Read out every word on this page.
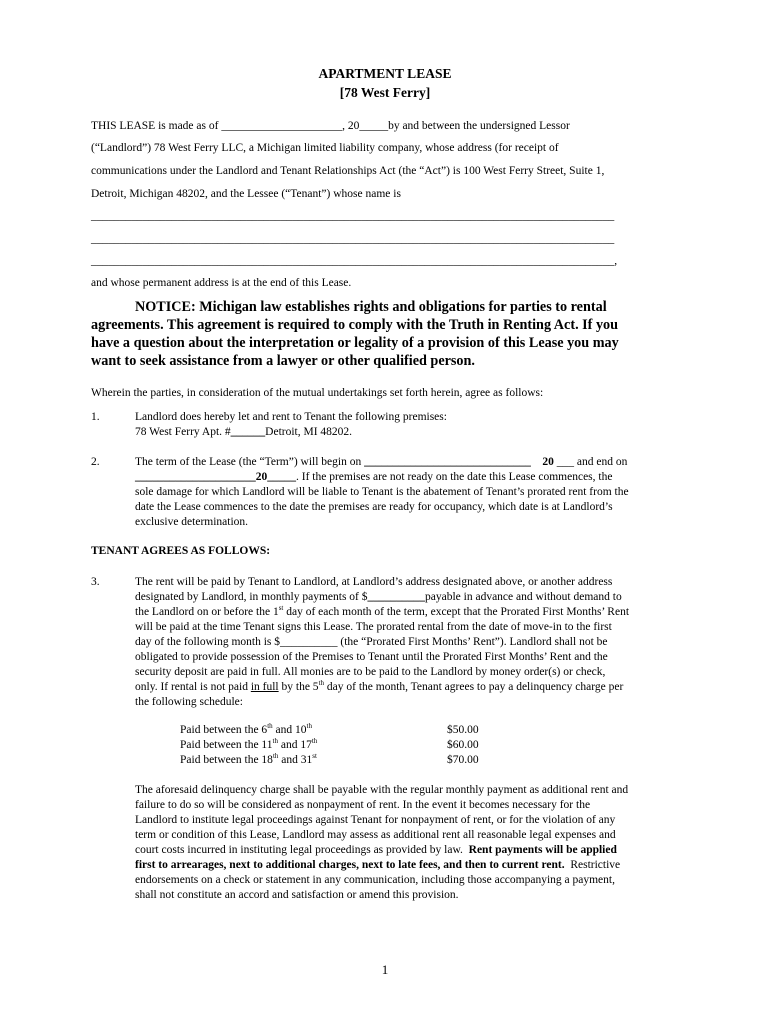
APARTMENT LEASE
[78 West Ferry]
THIS LEASE is made as of _____________________, 20_____by and between the undersigned Lessor
(“Landlord”) 78 West Ferry LLC, a Michigan limited liability company, whose address (for receipt of
communications under the Landlord and Tenant Relationships Act (the “Act”) is 100 West Ferry Street, Suite 1,
Detroit, Michigan 48202, and the Lessee (“Tenant”) whose name is
___________________________________________________________________________________________
___________________________________________________________________________________________
___________________________________________________________________________________________,
and whose permanent address is at the end of this Lease.
NOTICE: Michigan law establishes rights and obligations for parties to rental
agreements. This agreement is required to comply with the Truth in Renting Act. If you
have a question about the interpretation or legality of a provision of this Lease you may
want to seek assistance from a lawyer or other qualified person.
Wherein the parties, in consideration of the mutual undertakings set forth herein, agree as follows:
1.	Landlord does hereby let and rent to Tenant the following premises:
78 West Ferry Apt. #______Detroit, MI 48202.
2.	The term of the Lease (the “Term”) will begin on _____________________________    20 ___ and end on
_____________________20_____. If the premises are not ready on the date this Lease commences, the
sole damage for which Landlord will be liable to Tenant is the abatement of Tenant’s prorated rent from the
date the Lease commences to the date the premises are ready for occupancy, which date is at Landlord’s
exclusive determination.
TENANT AGREES AS FOLLOWS:
3.	The rent will be paid by Tenant to Landlord, at Landlord’s address designated above, or another address
designated by Landlord, in monthly payments of $__________payable in advance and without demand to
the Landlord on or before the 1st day of each month of the term, except that the Prorated First Months’ Rent
will be paid at the time Tenant signs this Lease. The prorated rental from the date of move-in to the first
day of the following month is $__________ (the “Prorated First Months’ Rent”). Landlord shall not be
obligated to provide possession of the Premises to Tenant until the Prorated First Months’ Rent and the
security deposit are paid in full. All monies are to be paid to the Landlord by money order(s) or check,
only. If rental is not paid in full by the 5th day of the month, Tenant agrees to pay a delinquency charge per
the following schedule:
Paid between the 6th and 10th	$50.00
Paid between the 11th and 17th	$60.00
Paid between the 18th and 31st	$70.00
The aforesaid delinquency charge shall be payable with the regular monthly payment as additional rent and
failure to do so will be considered as nonpayment of rent. In the event it becomes necessary for the
Landlord to institute legal proceedings against Tenant for nonpayment of rent, or for the violation of any
term or condition of this Lease, Landlord may assess as additional rent all reasonable legal expenses and
court costs incurred in instituting legal proceedings as provided by law.  Rent payments will be applied
first to arrearages, next to additional charges, next to late fees, and then to current rent.  Restrictive
endorsements on a check or statement in any communication, including those accompanying a payment,
shall not constitute an accord and satisfaction or amend this provision.
1
